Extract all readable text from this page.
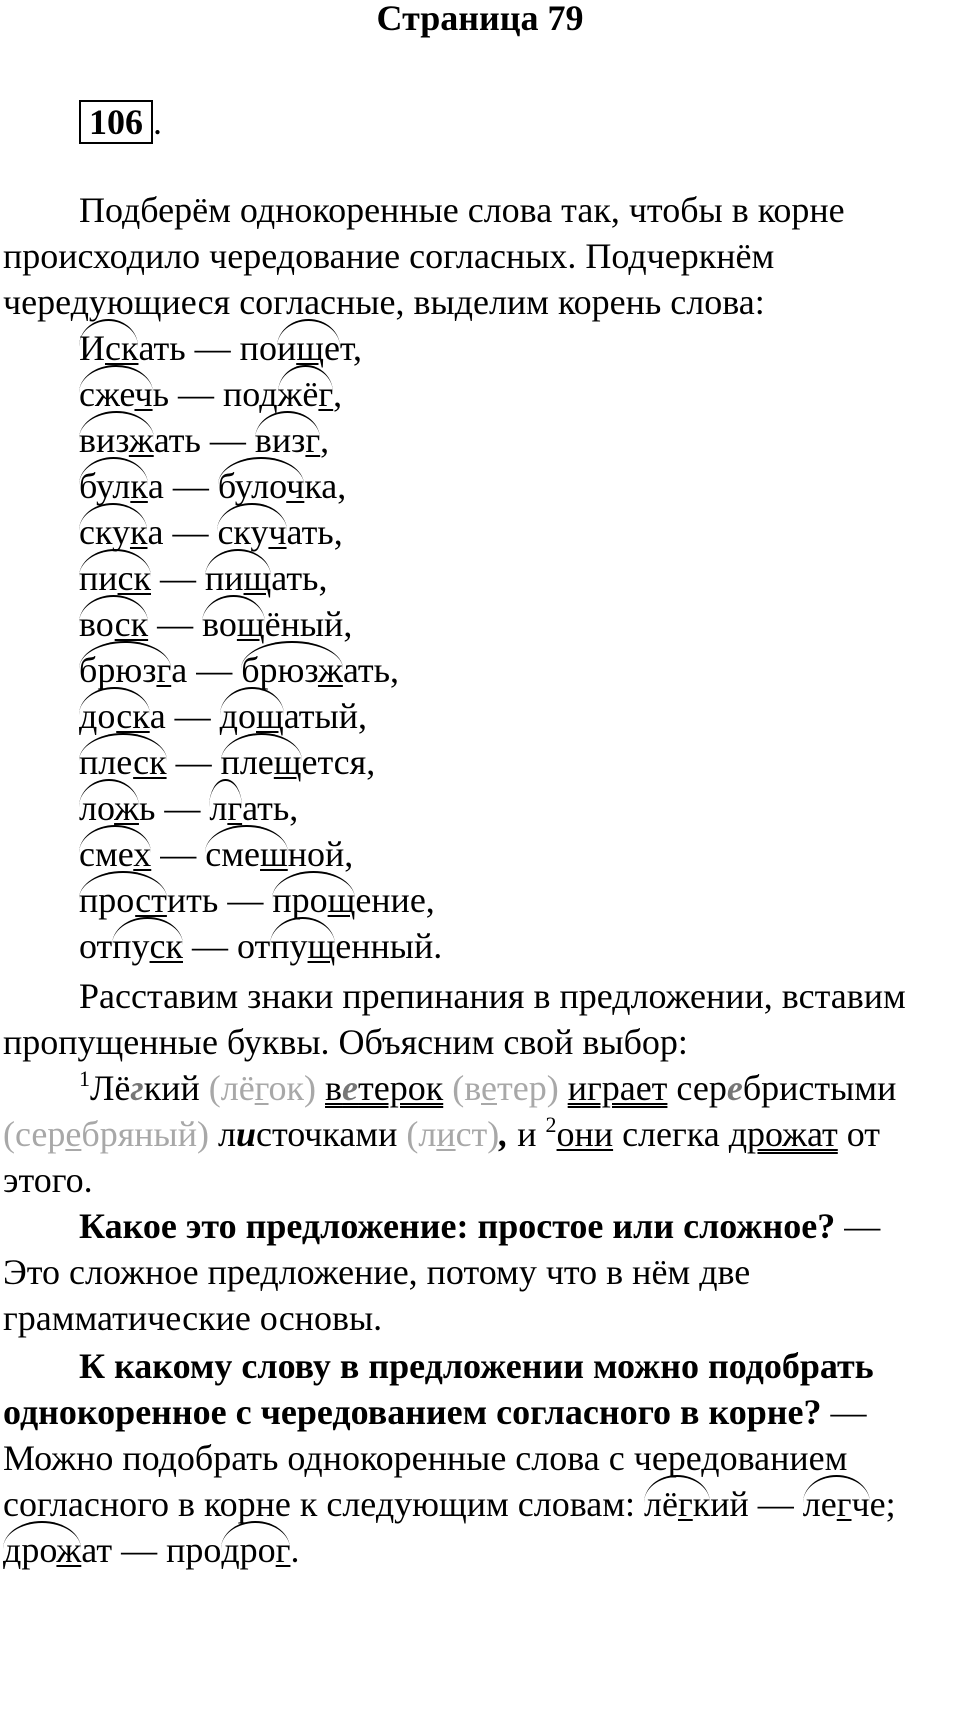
Страница 79
106 .
Подберём однокоренные слова так, чтобы в корне
происходило чередование согласных. Подчеркнём
чередующиеся согласные, выделим корень слова:
Искать — поищет,
сжечь — поджёг,
визжать — визг,
булка — булочка,
скука — скучать,
писк — пищать,
воск — вощёный,
брюзга — брюзжать,
доска — дощатый,
плеск — плещется,
ложь — лгать,
смех — смешной,
простить — прощение,
отпуск — отпущенный.
Расставим знаки препинания в предложении, вставим
пропущенные буквы. Объясним свой выбор:
$^1$Лёгкий (лёгок) ветерок (ветер) играет серебристыми
(серебряный) листочками (лист), и $^2$они слегка дрожат от
этого.
Какое это предложение: простое или сложное? —
Это сложное предложение, потому что в нём две
грамматические основы.
К какому слову в предложении можно подобрать
однокоренное с чередованием согласного в корне? —
Можно подобрать однокоренные слова с чередованием
согласного в корне к следующим словам: лёгкий — легче;
дрожат — продрог.
